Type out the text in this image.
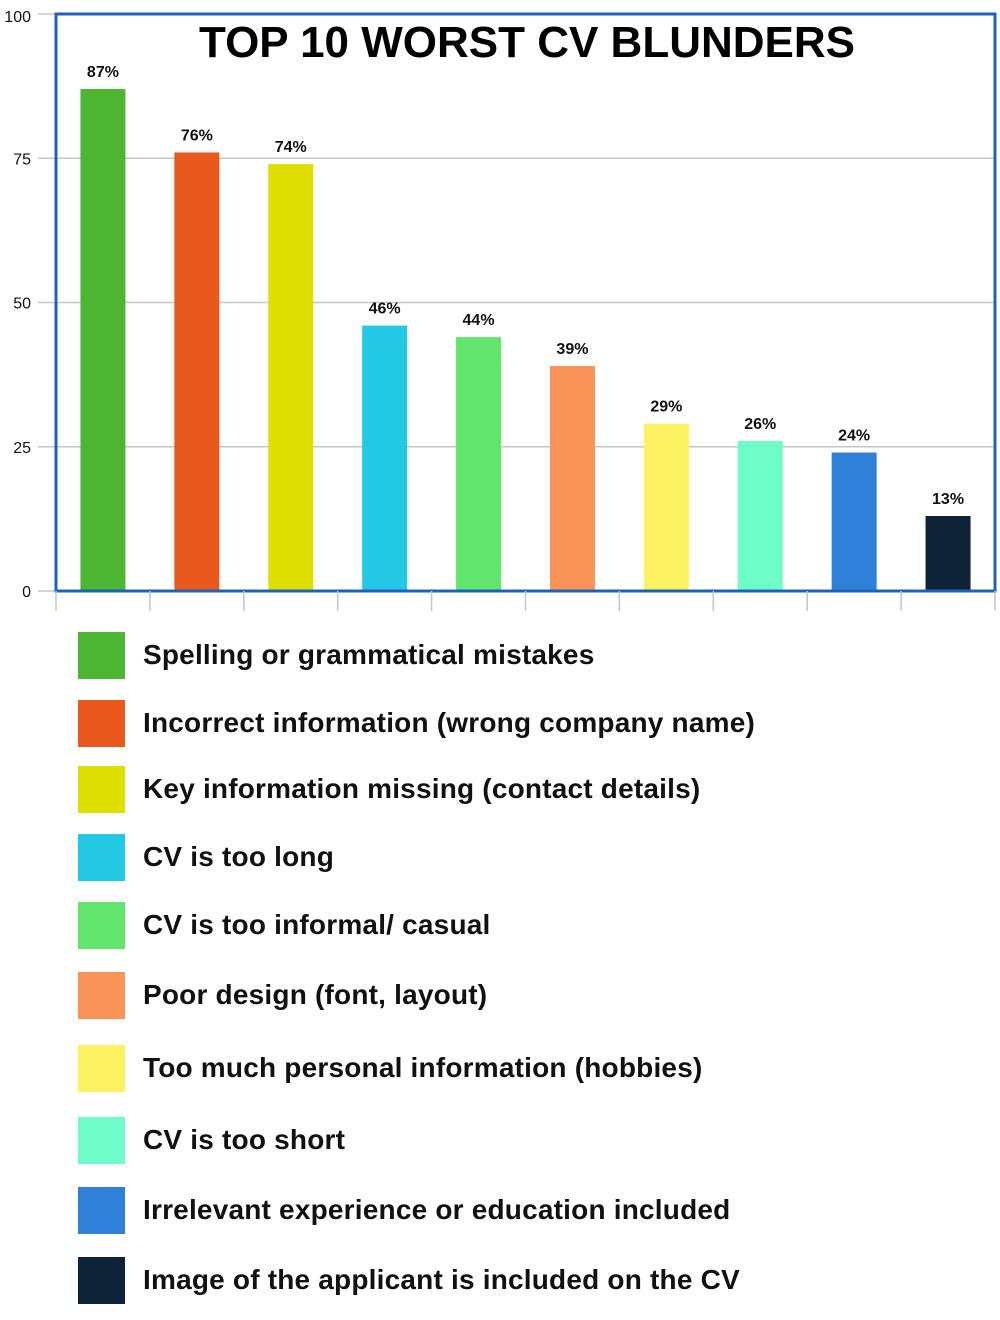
0
25
50
75
100
87%
76%
74%
46%
44%
39%
29%
26%
24%
13%
TOP 10 WORST CV BLUNDERS
Spelling or grammatical mistakes
Incorrect information (wrong company name)
Key information missing (contact details)
CV is too long
CV is too informal/ casual
Poor design (font, layout)
Too much personal information (hobbies)
CV is too short
Irrelevant experience or education included
Image of the applicant is included on the CV
